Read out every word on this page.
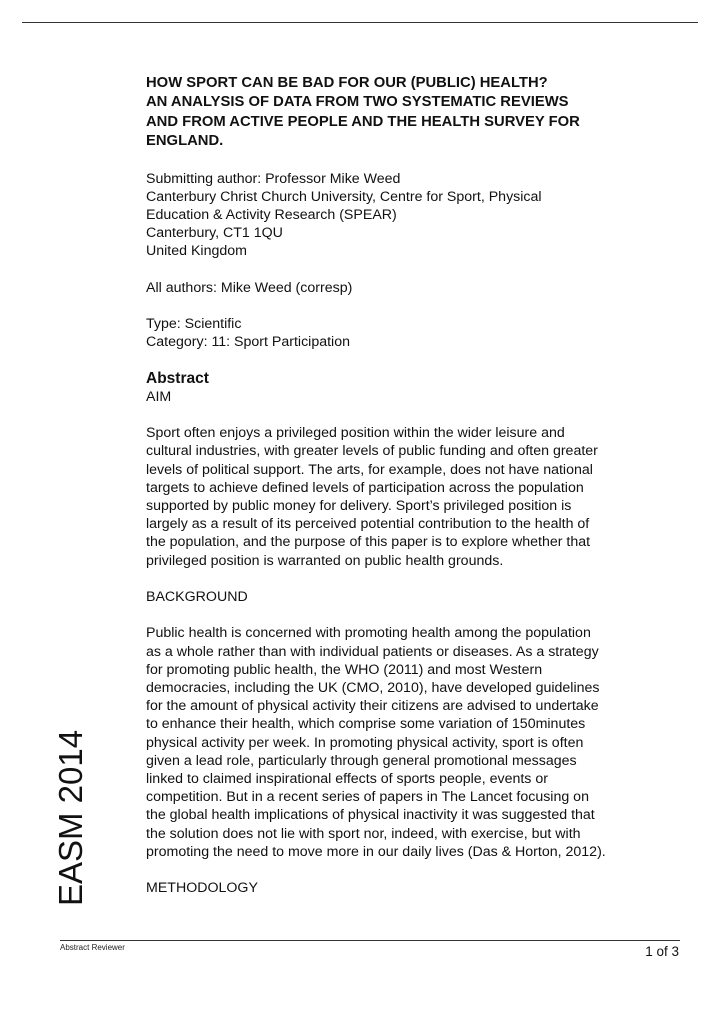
HOW SPORT CAN BE BAD FOR OUR (PUBLIC) HEALTH?
AN ANALYSIS OF DATA FROM TWO SYSTEMATIC REVIEWS
AND FROM ACTIVE PEOPLE AND THE HEALTH SURVEY FOR
ENGLAND.
Submitting author: Professor Mike Weed
Canterbury Christ Church University, Centre for Sport, Physical
Education & Activity Research (SPEAR)
Canterbury, CT1 1QU
United Kingdom
All authors: Mike Weed (corresp)
Type: Scientific
Category: 11: Sport Participation
Abstract
AIM
Sport often enjoys a privileged position within the wider leisure and
cultural industries, with greater levels of public funding and often greater
levels of political support. The arts, for example, does not have national
targets to achieve defined levels of participation across the population
supported by public money for delivery. Sport’s privileged position is
largely as a result of its perceived potential contribution to the health of
the population, and the purpose of this paper is to explore whether that
privileged position is warranted on public health grounds.
BACKGROUND
Public health is concerned with promoting health among the population
as a whole rather than with individual patients or diseases. As a strategy
for promoting public health, the WHO (2011) and most Western
democracies, including the UK (CMO, 2010), have developed guidelines
for the amount of physical activity their citizens are advised to undertake
to enhance their health, which comprise some variation of 150minutes
physical activity per week. In promoting physical activity, sport is often
given a lead role, particularly through general promotional messages
linked to claimed inspirational effects of sports people, events or
competition. But in a recent series of papers in The Lancet focusing on
the global health implications of physical inactivity it was suggested that
the solution does not lie with sport nor, indeed, with exercise, but with
promoting the need to move more in our daily lives (Das & Horton, 2012).
METHODOLOGY
EASM 2014
Abstract Reviewer	1 of 3
